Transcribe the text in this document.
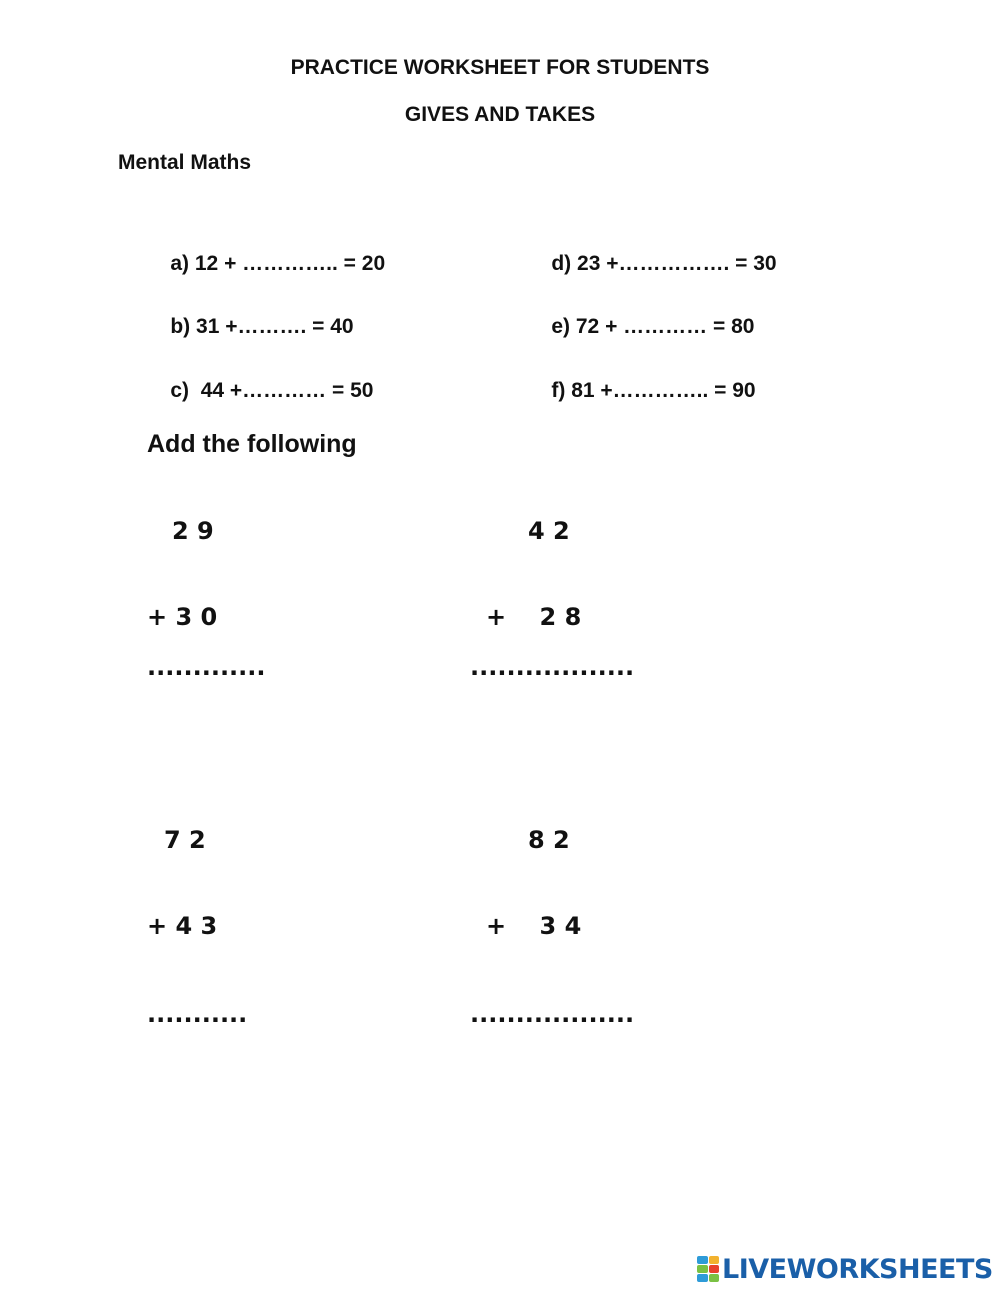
PRACTICE WORKSHEET FOR STUDENTS
GIVES AND TAKES
Mental Maths

a) 12 + ………….. = 20

b) 31 +………. = 40

c) 44 +………… = 50

d) 23 +……………. = 30

e) 72 + ………… = 80

f) 81 +………….. = 90

Add the following
2 9
+ 3 0
.............
4 2
+    2 8
..................
7 2
+ 4 3
...........
8 2
+    3 4
..................
LIVEWORKSHEETS
